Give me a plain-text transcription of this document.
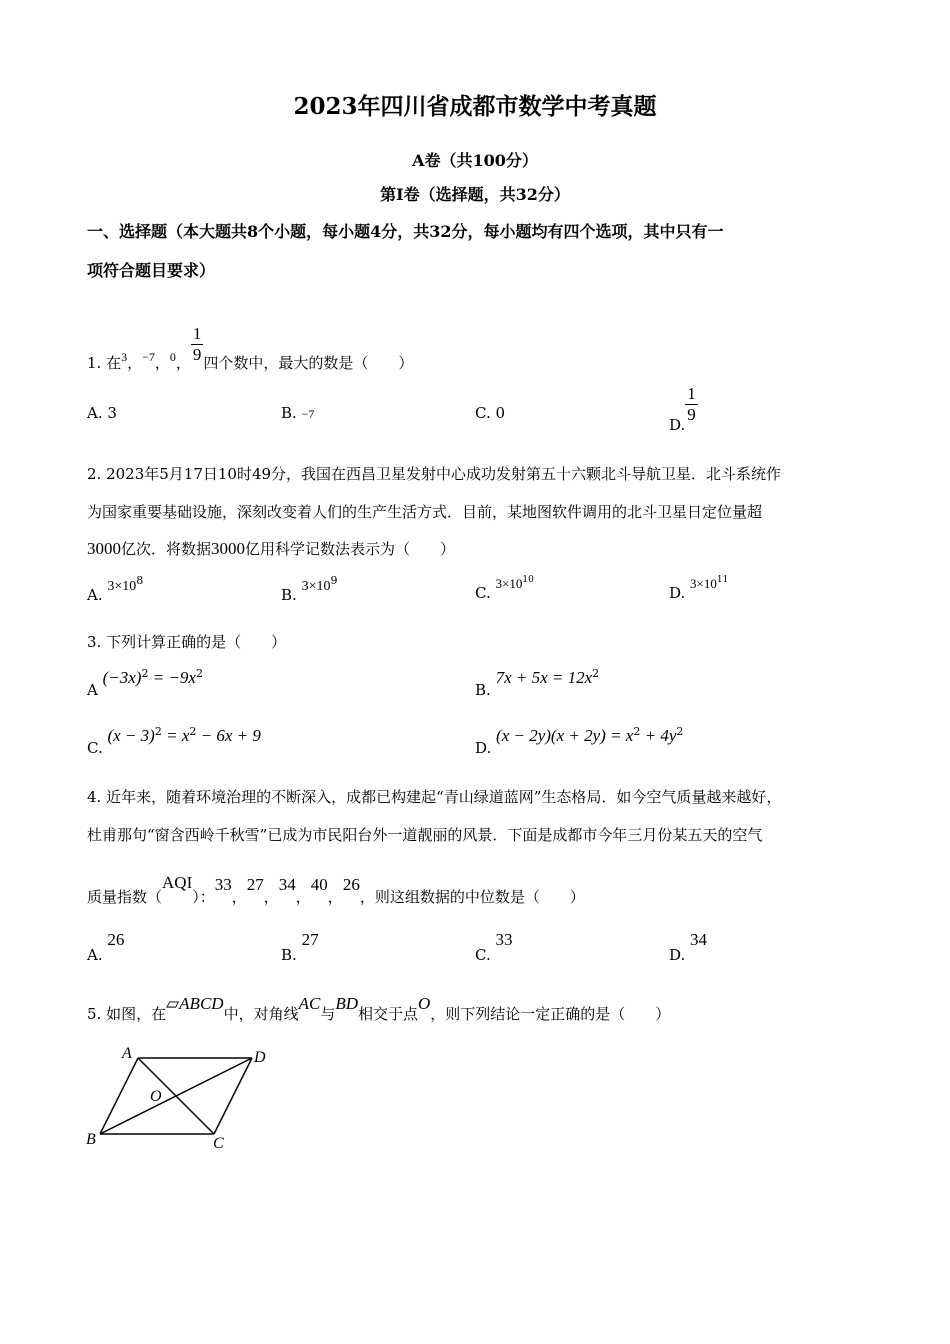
2023年四川省成都市数学中考真题
A卷（共100分）
第I卷（选择题，共32分）
一、选择题（本大题共8个小题，每小题4分，共32分，每小题均有四个选项，其中只有一
项符合题目要求）
1. 在$^3$，$^{-7}$，$^0$， $\frac{1}{9}$ 四个数中，最大的数是（　　）
A. 3	B. −7	C. 0
D. $\frac{1}{9}$
2. 2023年5月17日10时49分，我国在西昌卫星发射中心成功发射第五十六颗北斗导航卫星．北斗系统作
为国家重要基础设施，深刻改变着人们的生产生活方式．目前，某地图软件调用的北斗卫星日定位量超
3000亿次．将数据3000亿用科学记数法表示为（　　）
A. $3\times 10^8$
B. $3\times 10^9$
C. $3\times 10^{10}$
D. $3\times 10^{11}$
3. 下列计算正确的是（　　）
A $(-3x)^2 = -9x^2$
B. $7x + 5x = 12x^2$
C. $(x - 3)^2 = x^2 - 6x + 9$
D. $(x - 2y)(x + 2y) = x^2 + 4y^2$
4. 近年来，随着环境治理的不断深入，成都已构建起“青山绿道蓝网”生态格局．如今空气质量越来越好，
杜甫那句“窗含西岭千秋雪”已成为市民阳台外一道靓丽的风景．下面是成都市今年三月份某五天的空气
质量指数（AQI）：33，27，34，40，26，则这组数据的中位数是（　　）
A. 26
B. 27
C. 33
D. 34
5. 如图，在▱ABCD中，对角线AC与BD相交于点O，则下列结论一定正确的是（　　）
A	D
B	C
O
